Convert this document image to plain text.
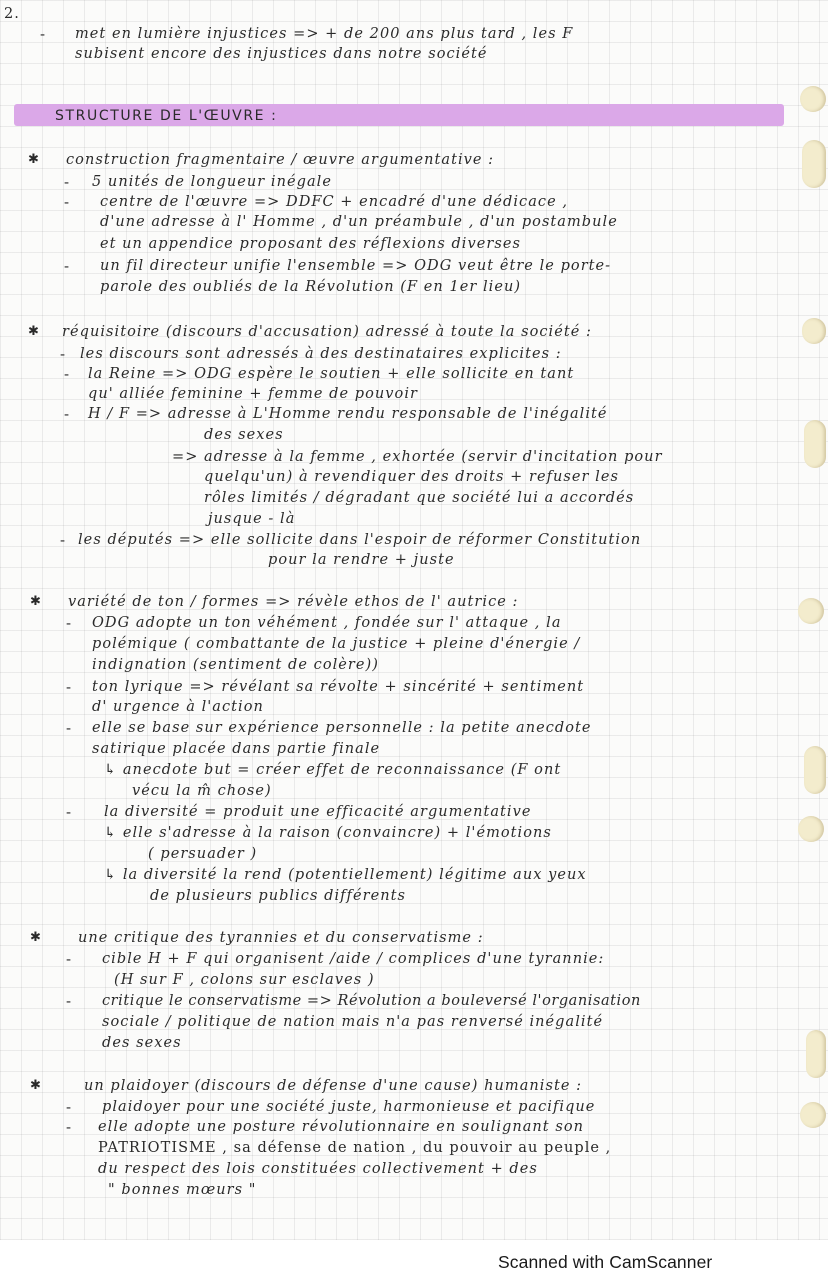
2.
- met en lumière injustices => + de 200 ans plus tard , les F
subisent encore des injustices dans notre société
STRUCTURE DE L'ŒUVRE :
✱ construction fragmentaire / œuvre argumentative :
- 5 unités de longueur inégale
- centre de l'œuvre => DDFC + encadré d'une dédicace ,
d'une adresse à l' Homme , d'un préambule , d'un postambule
et un appendice proposant des réflexions diverses
- un fil directeur unifie l'ensemble => ODG veut être le porte-
parole des oubliés de la Révolution (F en 1er lieu)
✱ réquisitoire (discours d'accusation) adressé à toute la société :
- les discours sont adressés à des destinataires explicites :
- la Reine => ODG espère le soutien + elle sollicite en tant
qu' alliée feminine + femme de pouvoir
- H / F => adresse à L'Homme rendu responsable de l'inégalité
des sexes
=> adresse à la femme , exhortée (servir d'incitation pour
quelqu'un) à revendiquer des droits + refuser les
rôles limités / dégradant que société lui a accordés
jusque - là
- les députés => elle sollicite dans l'espoir de réformer Constitution
pour la rendre + juste
✱ variété de ton / formes => révèle ethos de l' autrice :
- ODG adopte un ton véhément , fondée sur l' attaque , la
polémique ( combattante de la justice + pleine d'énergie /
indignation (sentiment de colère))
- ton lyrique => révélant sa révolte + sincérité + sentiment
d' urgence à l'action
- elle se base sur expérience personnelle : la petite anecdote
satirique placée dans partie finale
↳ anecdote but = créer effet de reconnaissance (F ont
vécu la m̂ chose)
- la diversité = produit une efficacité argumentative
↳ elle s'adresse à la raison (convaincre) + l'émotions
( persuader )
↳ la diversité la rend (potentiellement) légitime aux yeux
de plusieurs publics différents
✱	une critique des tyrannies et du conservatisme :
- cible H + F qui organisent /aide / complices d'une tyrannie:
(H sur F , colons sur esclaves )
- critique le conservatisme => Révolution a bouleversé l'organisation
sociale / politique de nation mais n'a pas renversé inégalité
des sexes
✱	un plaidoyer (discours de défense d'une cause) humaniste :
- plaidoyer pour une société juste, harmonieuse et pacifique
- elle adopte une posture révolutionnaire en soulignant son
PATRIOTISME , sa défense de nation , du pouvoir au peuple ,
du respect des lois constituées collectivement + des
" bonnes mœurs "
Scanned with CamScanner
